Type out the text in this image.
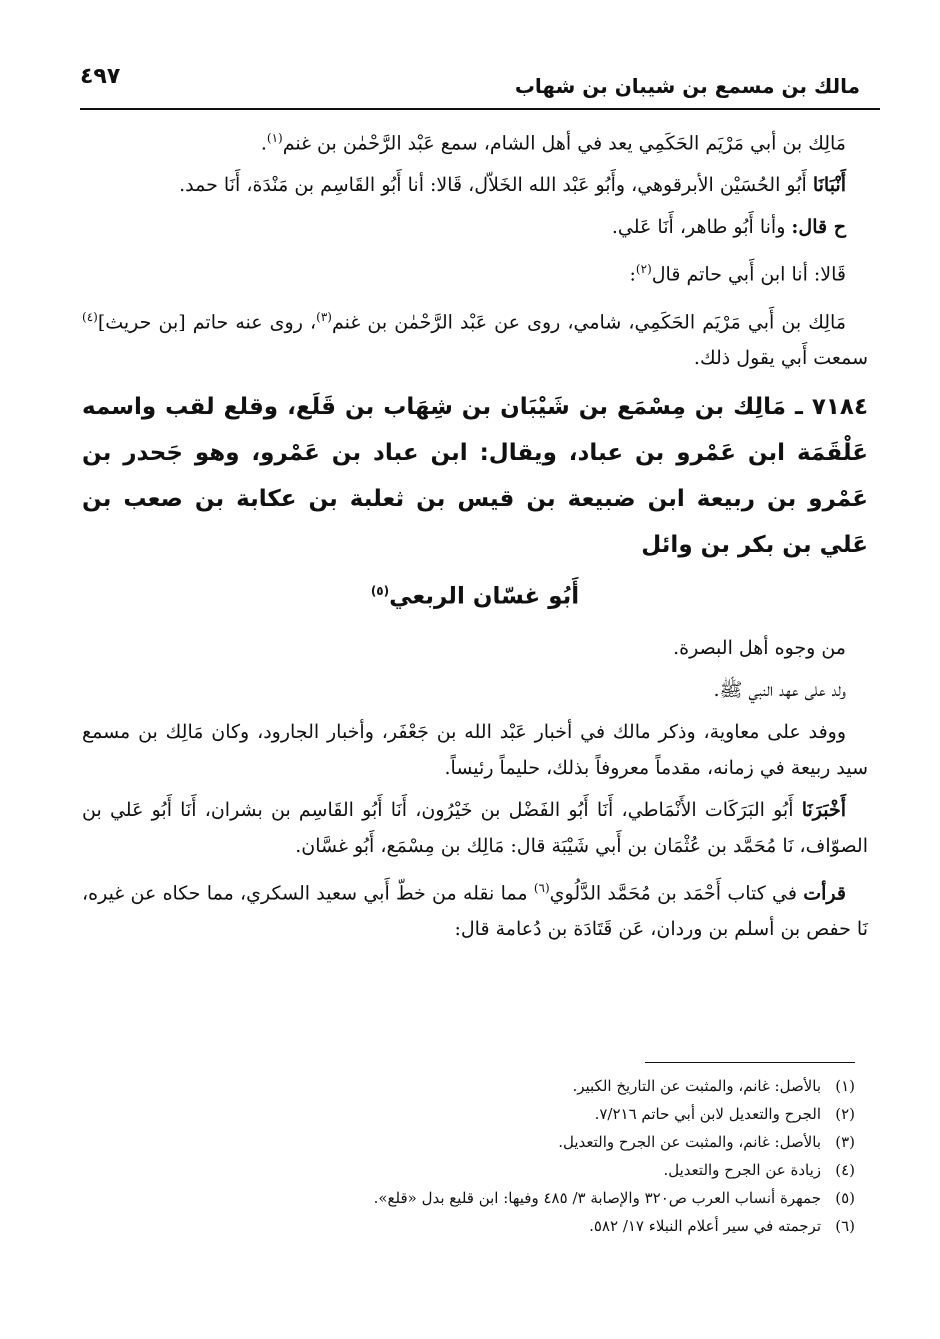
مالك بن مسمع بن شيبان بن شهاب
٤٩٧

مَالِك بن أبي مَرْيَم الحَكَمِي يعد في أهل الشام، سمع عَبْد الرَّحْمٰن بن غنم$^{(١)}$.

أَنْبَانَا أَبُو الحُسَيْن الأبرقوهي، وأَبُو عَبْد الله الخَلاّل، قَالا: أنا أَبُو القَاسِم بن مَنْدَة، أَنَا حمد.

ح قال: وأنا أَبُو طاهر، أَنَا عَلي.

قَالا: أنا ابن أَبي حاتم قال$^{(٢)}$:

مَالِك بن أَبي مَرْيَم الحَكَمِي، شامي، روى عن عَبْد الرَّحْمٰن بن غنم$^{(٣)}$، روى عنه حاتم [بن حريث]$^{(٤)}$ سمعت أَبي يقول ذلك.

٧١٨٤ ـ مَالِك بن مِسْمَع بن شَيْبَان بن شِهَاب بن قَلَع، وقلع لقب واسمه عَلْقَمَة ابن عَمْرو بن عباد، ويقال: ابن عباد بن عَمْرو، وهو جَحدر بن عَمْرو بن ربيعة ابن ضبيعة بن قيس بن ثعلبة بن عكابة بن صعب بن عَلي بن بكر بن وائل
أَبُو غسّان الربعي$^{(٥)}$

من وجوه أهل البصرة.

ولد على عهد النبي ﷺ.

ووفد على معاوية، وذكر مالك في أخبار عَبْد الله بن جَعْفَر، وأخبار الجارود، وكان مَالِك بن مسمع سيد ربيعة في زمانه، مقدماً معروفاً بذلك، حليماً رئيساً.

أَخْبَرَنَا أَبُو البَرَكَات الأَنْمَاطي، أَنَا أَبُو الفَضْل بن خَيْرُون، أَنَا أَبُو القَاسِم بن بشران، أَنَا أَبُو عَلي بن الصوّاف، نَا مُحَمَّد بن عُثْمَان بن أَبي شَيْبَة قال: مَالِك بن مِسْمَع، أَبُو غسَّان.

قرأت في كتاب أَحْمَد بن مُحَمَّد الدَّلُوي$^{(٦)}$ مما نقله من خطّ أَبي سعيد السكري، مما حكاه عن غيره، نَا حفص بن أسلم بن وردان، عَن قَتَادَة بن دُعامة قال:

(١)بالأصل: غانم، والمثبت عن التاريخ الكبير.
(٢)الجرح والتعديل لابن أبي حاتم ٧/٢١٦.
(٣)بالأصل: غانم، والمثبت عن الجرح والتعديل.
(٤)زيادة عن الجرح والتعديل.
(٥)جمهرة أنساب العرب ص٣٢٠ والإصابة ٣/ ٤٨٥ وفيها: ابن قليع بدل «قلع».
(٦)ترجمته في سير أعلام النبلاء ١٧/ ٥٨٢.
